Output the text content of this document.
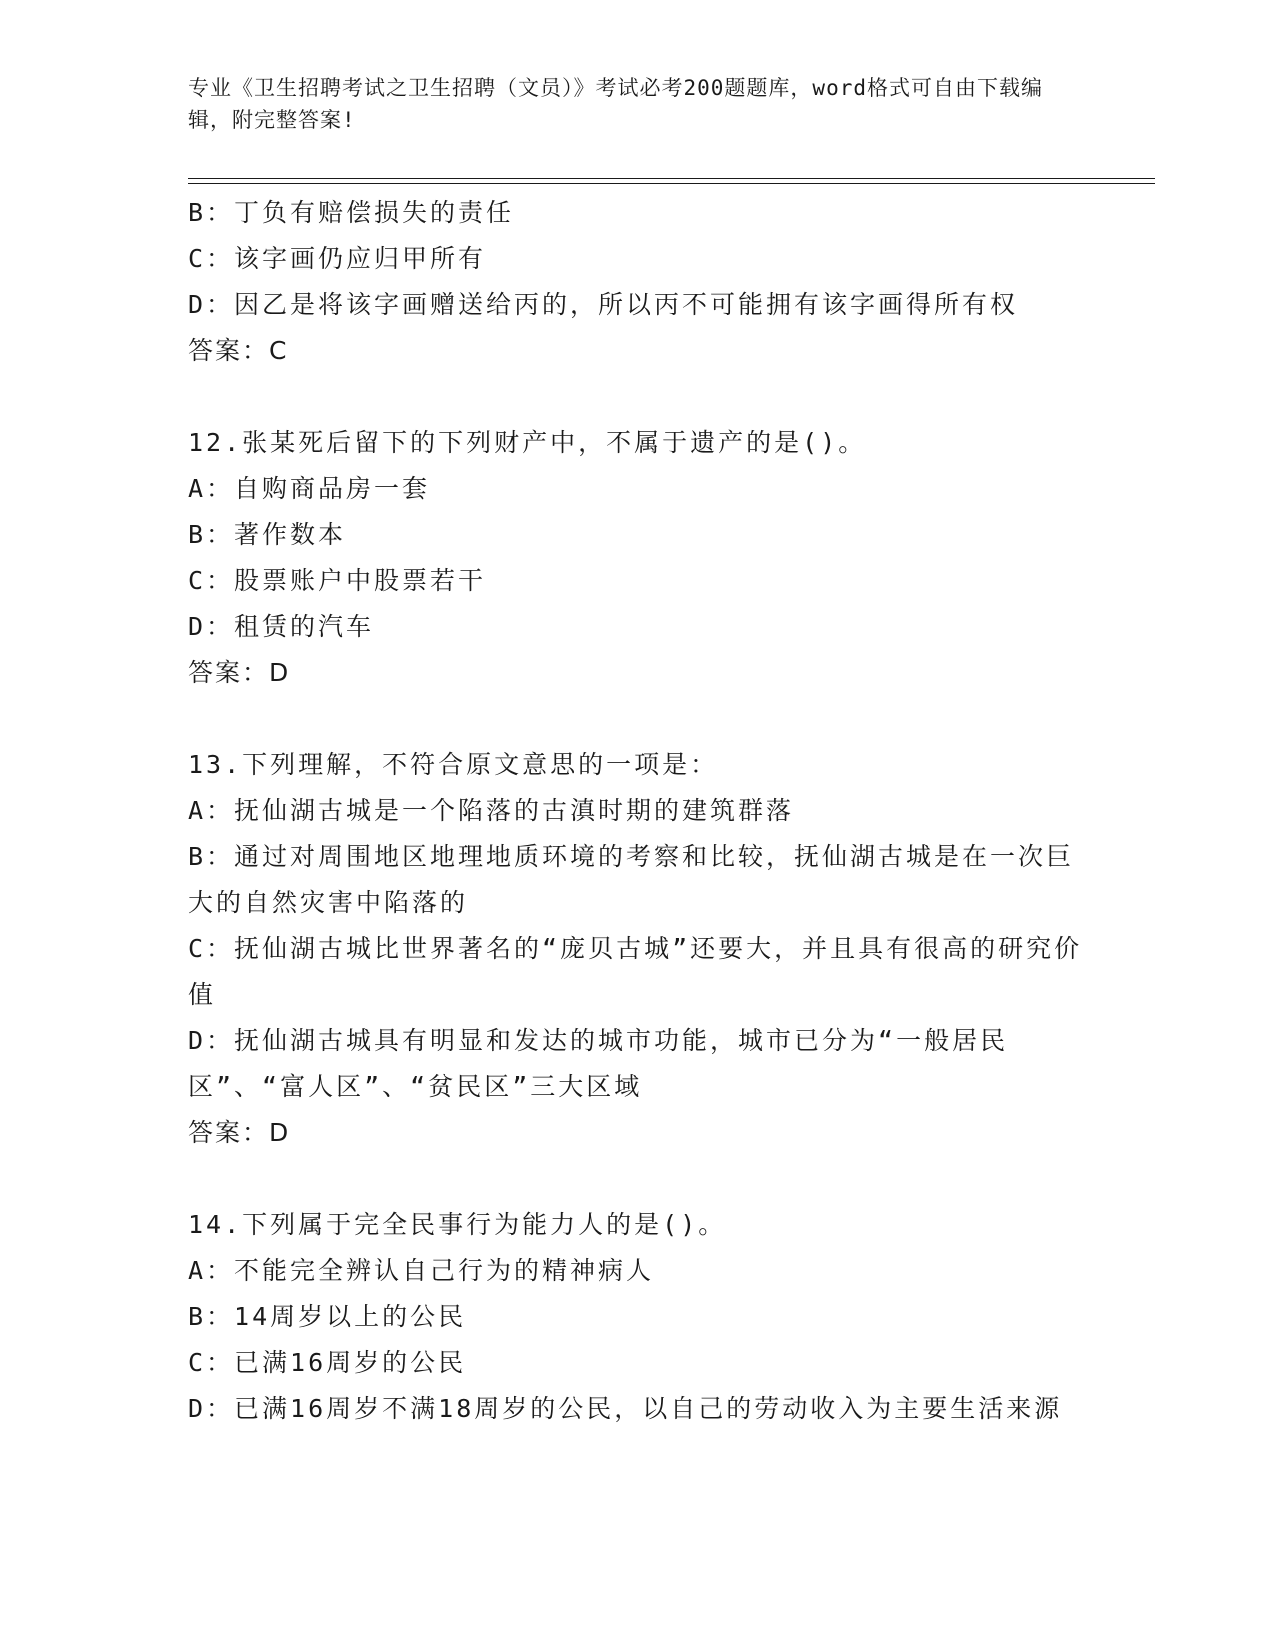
专业《卫生招聘考试之卫生招聘（文员）》考试必考200题题库，word格式可自由下载编辑，附完整答案!
B：丁负有赔偿损失的责任
C：该字画仍应归甲所有
D：因乙是将该字画赠送给丙的，所以丙不可能拥有该字画得所有权
答案：C
12.张某死后留下的下列财产中，不属于遗产的是()。
A：自购商品房一套
B：著作数本
C：股票账户中股票若干
D：租赁的汽车
答案：D
13.下列理解，不符合原文意思的一项是：
A：抚仙湖古城是一个陷落的古滇时期的建筑群落
B：通过对周围地区地理地质环境的考察和比较，抚仙湖古城是在一次巨大的自然灾害中陷落的
C：抚仙湖古城比世界著名的“庞贝古城”还要大，并且具有很高的研究价值
D：抚仙湖古城具有明显和发达的城市功能，城市已分为“一般居民区”、“富人区”、“贫民区”三大区域
答案：D
14.下列属于完全民事行为能力人的是()。
A：不能完全辨认自己行为的精神病人
B：14周岁以上的公民
C：已满16周岁的公民
D：已满16周岁不满18周岁的公民，以自己的劳动收入为主要生活来源
